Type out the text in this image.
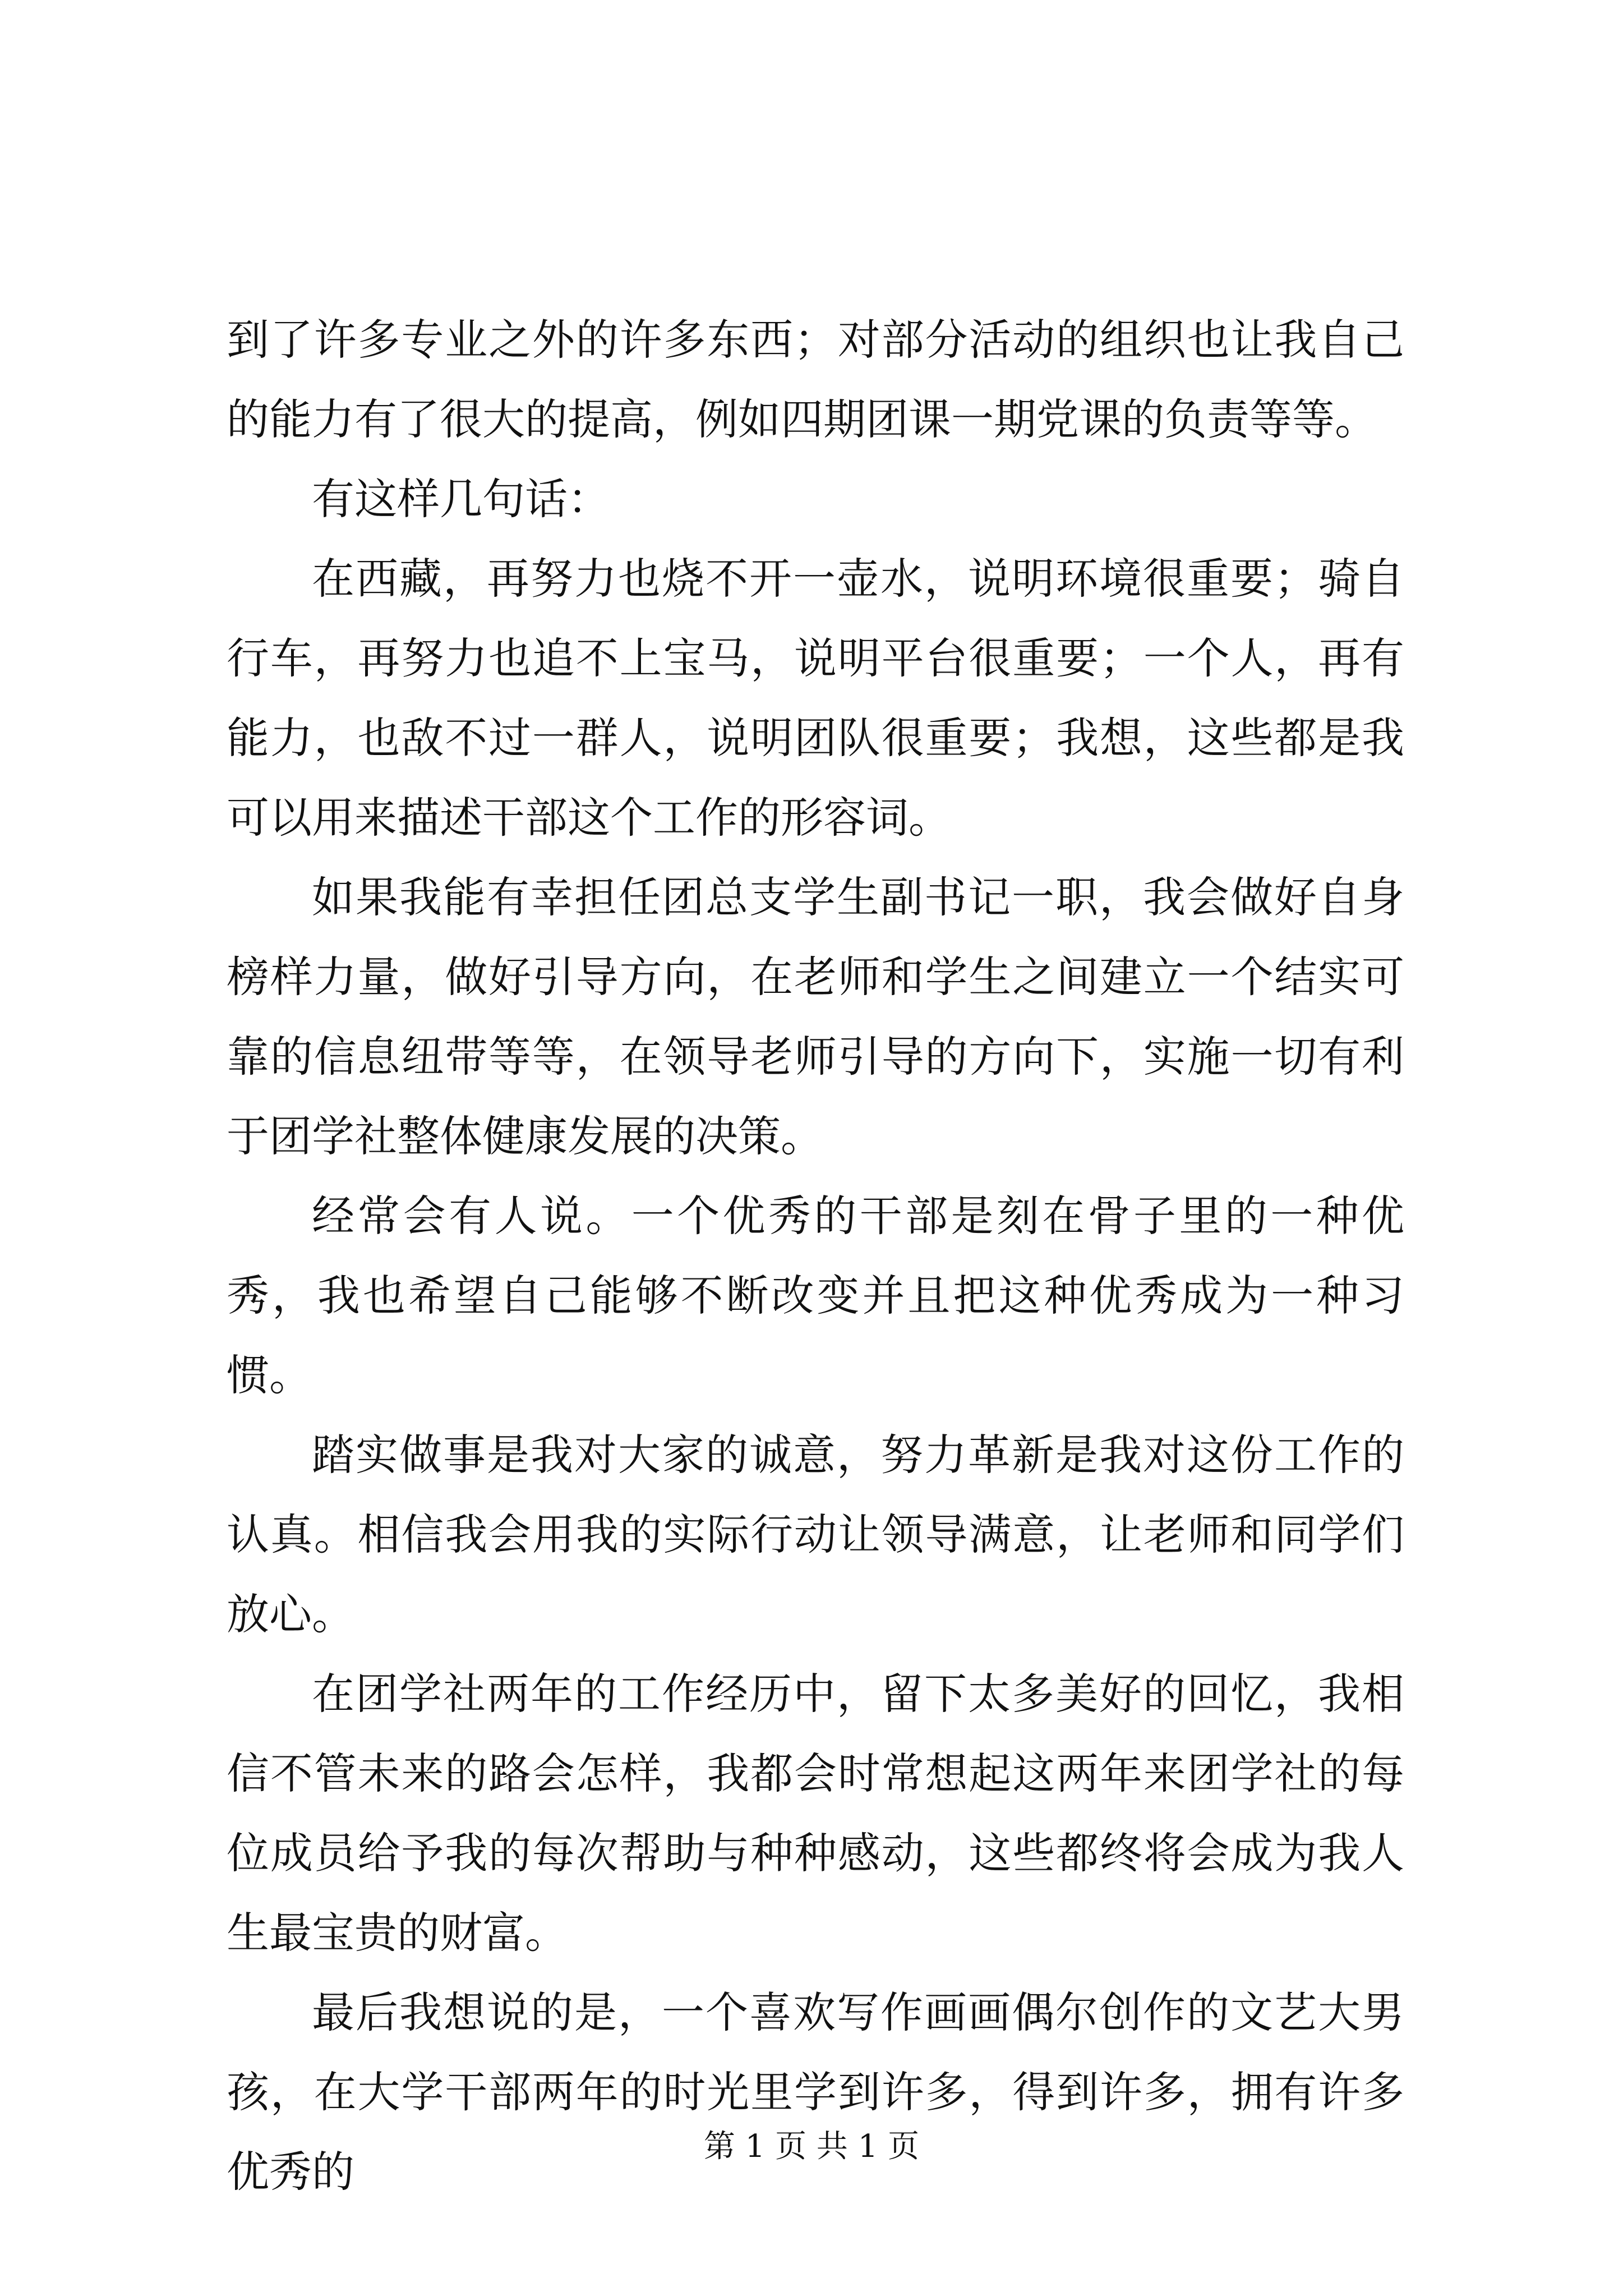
到了许多专业之外的许多东西；对部分活动的组织也让我自己的能力有了很大的提高，例如四期团课一期党课的负责等等。

有这样几句话：

在西藏，再努力也烧不开一壶水，说明环境很重要；骑自行车，再努力也追不上宝马，说明平台很重要；一个人，再有能力，也敌不过一群人，说明团队很重要；我想，这些都是我可以用来描述干部这个工作的形容词。

如果我能有幸担任团总支学生副书记一职，我会做好自身榜样力量，做好引导方向，在老师和学生之间建立一个结实可靠的信息纽带等等，在领导老师引导的方向下，实施一切有利于团学社整体健康发展的决策。

经常会有人说。一个优秀的干部是刻在骨子里的一种优秀，我也希望自己能够不断改变并且把这种优秀成为一种习惯。

踏实做事是我对大家的诚意，努力革新是我对这份工作的认真。相信我会用我的实际行动让领导满意，让老师和同学们放心。

在团学社两年的工作经历中，留下太多美好的回忆，我相信不管未来的路会怎样，我都会时常想起这两年来团学社的每位成员给予我的每次帮助与种种感动，这些都终将会成为我人生最宝贵的财富。

最后我想说的是，一个喜欢写作画画偶尔创作的文艺大男孩，在大学干部两年的时光里学到许多，得到许多，拥有许多优秀的

第 1 页 共 1 页
